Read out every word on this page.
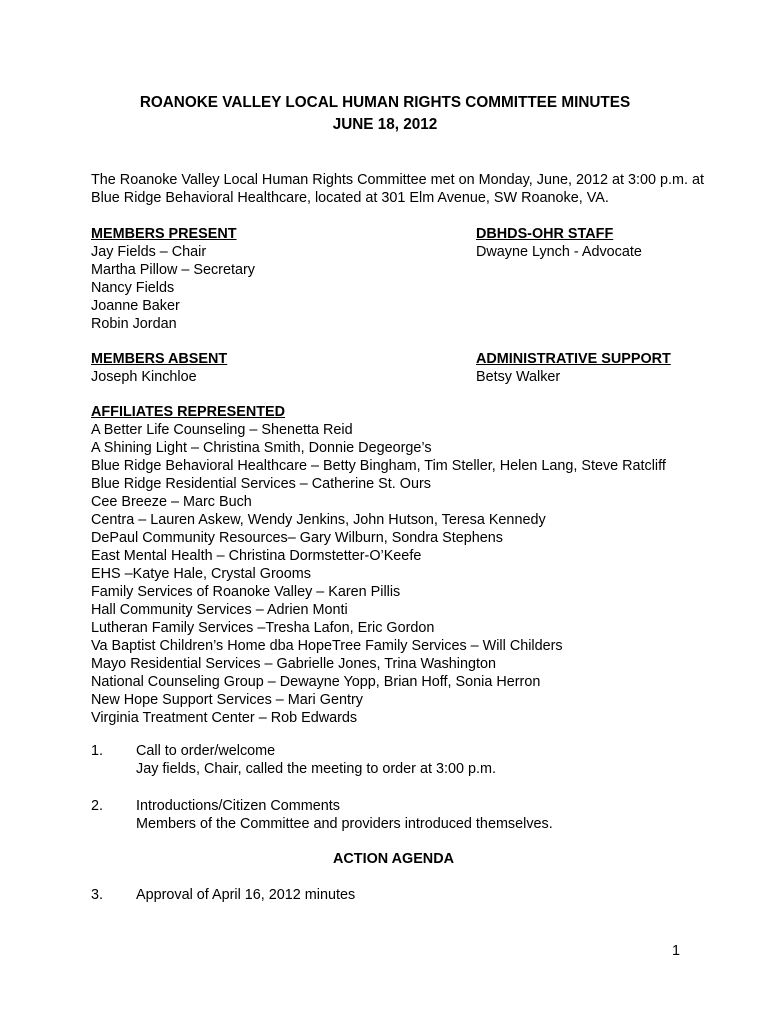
ROANOKE VALLEY LOCAL HUMAN RIGHTS COMMITTEE MINUTES
JUNE 18, 2012
The Roanoke Valley Local Human Rights Committee met on Monday, June, 2012 at 3:00 p.m. at Blue Ridge Behavioral Healthcare, located at 301 Elm Avenue, SW Roanoke, VA.
MEMBERS PRESENT
Jay Fields – Chair
Martha Pillow – Secretary
Nancy Fields
Joanne Baker
Robin Jordan
DBHDS-OHR STAFF
Dwayne Lynch - Advocate
MEMBERS ABSENT
Joseph Kinchloe
ADMINISTRATIVE SUPPORT
Betsy Walker
AFFILIATES REPRESENTED
A Better Life Counseling – Shenetta Reid
A Shining Light – Christina Smith, Donnie Degeorge’s
Blue Ridge Behavioral Healthcare – Betty Bingham, Tim Steller, Helen Lang, Steve Ratcliff
Blue Ridge Residential Services – Catherine St. Ours
Cee Breeze – Marc Buch
Centra – Lauren Askew, Wendy Jenkins, John Hutson, Teresa Kennedy
DePaul Community Resources– Gary Wilburn, Sondra Stephens
East Mental Health – Christina Dormstetter-O’Keefe
EHS –Katye Hale, Crystal Grooms
Family Services of Roanoke Valley – Karen Pillis
Hall Community Services – Adrien Monti
Lutheran Family Services –Tresha Lafon, Eric Gordon
Va Baptist Children’s Home dba HopeTree Family Services – Will Childers
Mayo Residential Services – Gabrielle Jones, Trina Washington
National Counseling Group – Dewayne Yopp, Brian Hoff, Sonia Herron
New Hope Support Services – Mari Gentry
Virginia Treatment Center – Rob Edwards
1. Call to order/welcome
Jay fields, Chair, called the meeting to order at 3:00 p.m.
2. Introductions/Citizen Comments
Members of the Committee and providers introduced themselves.
ACTION AGENDA
3. Approval of April 16, 2012 minutes
1
